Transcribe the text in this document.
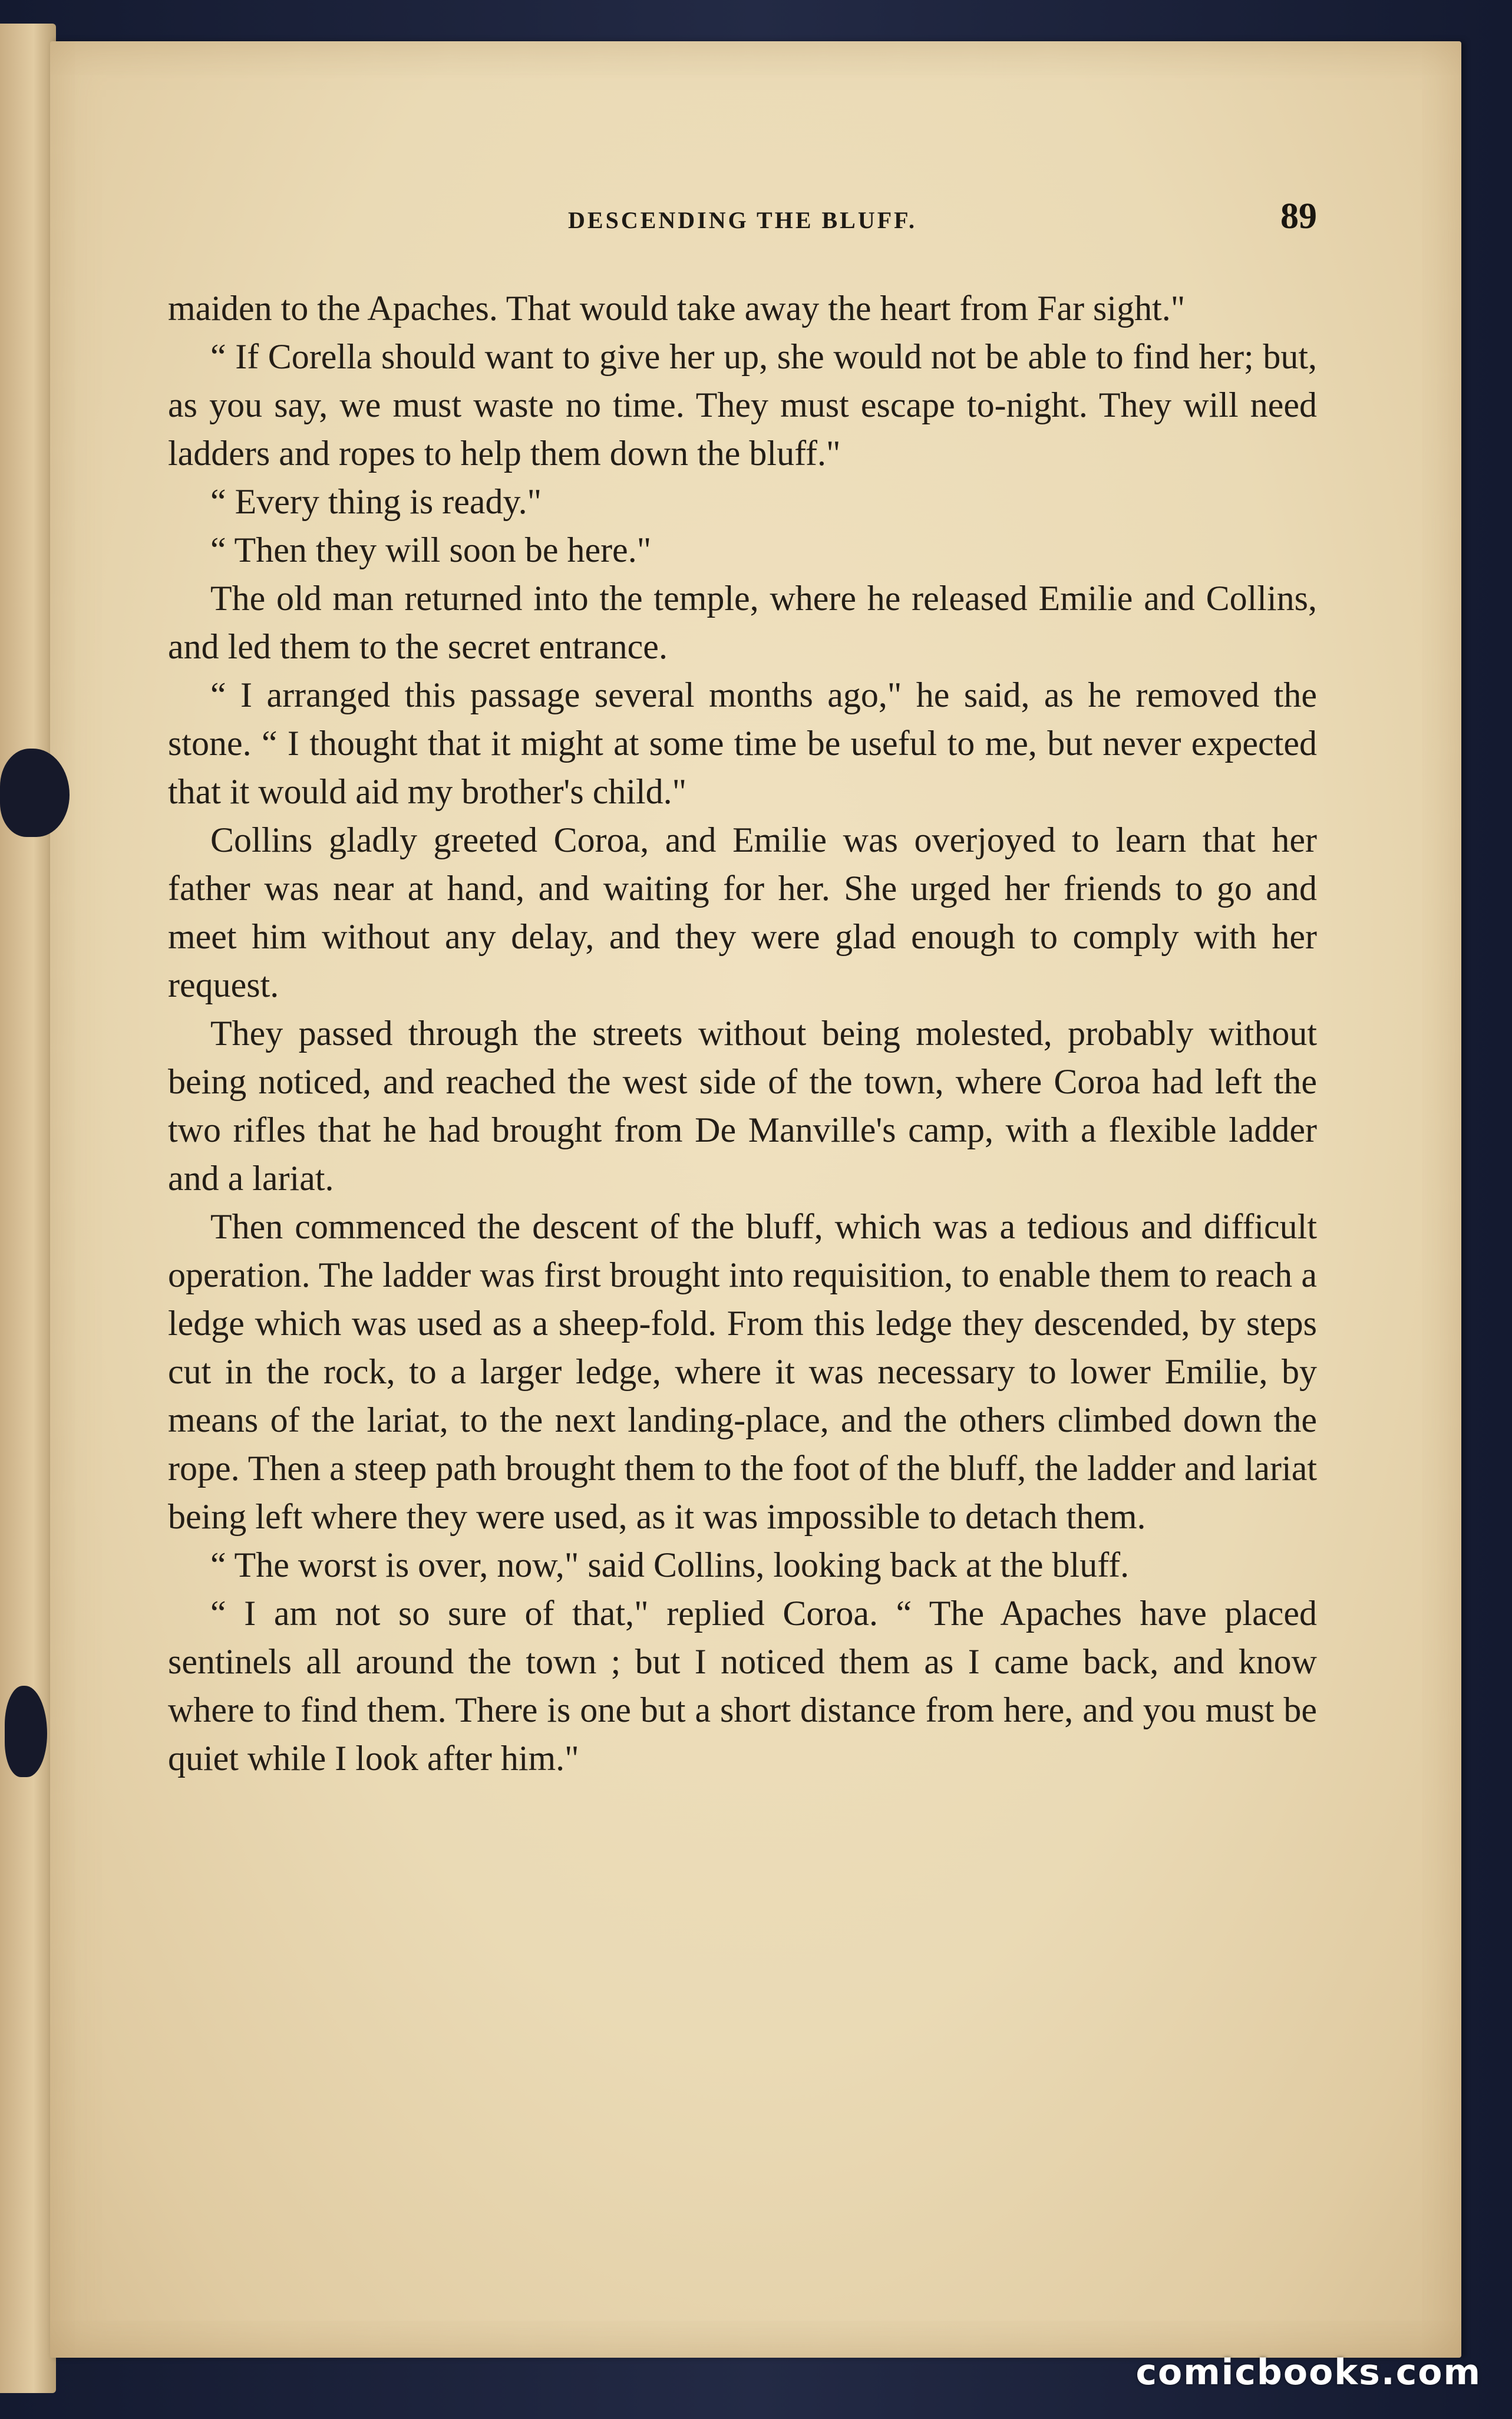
DESCENDING THE BLUFF.	89

maiden to the Apaches. That would take away the heart from Far sight."

“ If Corella should want to give her up, she would not be able to find her; but, as you say, we must waste no time. They must escape to-night. They will need ladders and ropes to help them down the bluff."

“ Every thing is ready."

“ Then they will soon be here."

The old man returned into the temple, where he released Emilie and Collins, and led them to the secret entrance.

“ I arranged this passage several months ago," he said, as he removed the stone. “ I thought that it might at some time be useful to me, but never expected that it would aid my brother's child."

Collins gladly greeted Coroa, and Emilie was overjoyed to learn that her father was near at hand, and waiting for her. She urged her friends to go and meet him without any delay, and they were glad enough to comply with her request.

They passed through the streets without being molested, probably without being noticed, and reached the west side of the town, where Coroa had left the two rifles that he had brought from De Manville's camp, with a flexible ladder and a lariat.

Then commenced the descent of the bluff, which was a tedious and difficult operation. The ladder was first brought into requisition, to enable them to reach a ledge which was used as a sheep-fold. From this ledge they descended, by steps cut in the rock, to a larger ledge, where it was necessary to lower Emilie, by means of the lariat, to the next landing-place, and the others climbed down the rope. Then a steep path brought them to the foot of the bluff, the ladder and lariat being left where they were used, as it was impossible to detach them.

“ The worst is over, now," said Collins, looking back at the bluff.

“ I am not so sure of that," replied Coroa. “ The Apaches have placed sentinels all around the town ; but I noticed them as I came back, and know where to find them. There is one but a short distance from here, and you must be quiet while I look after him."

comicbooks.com
